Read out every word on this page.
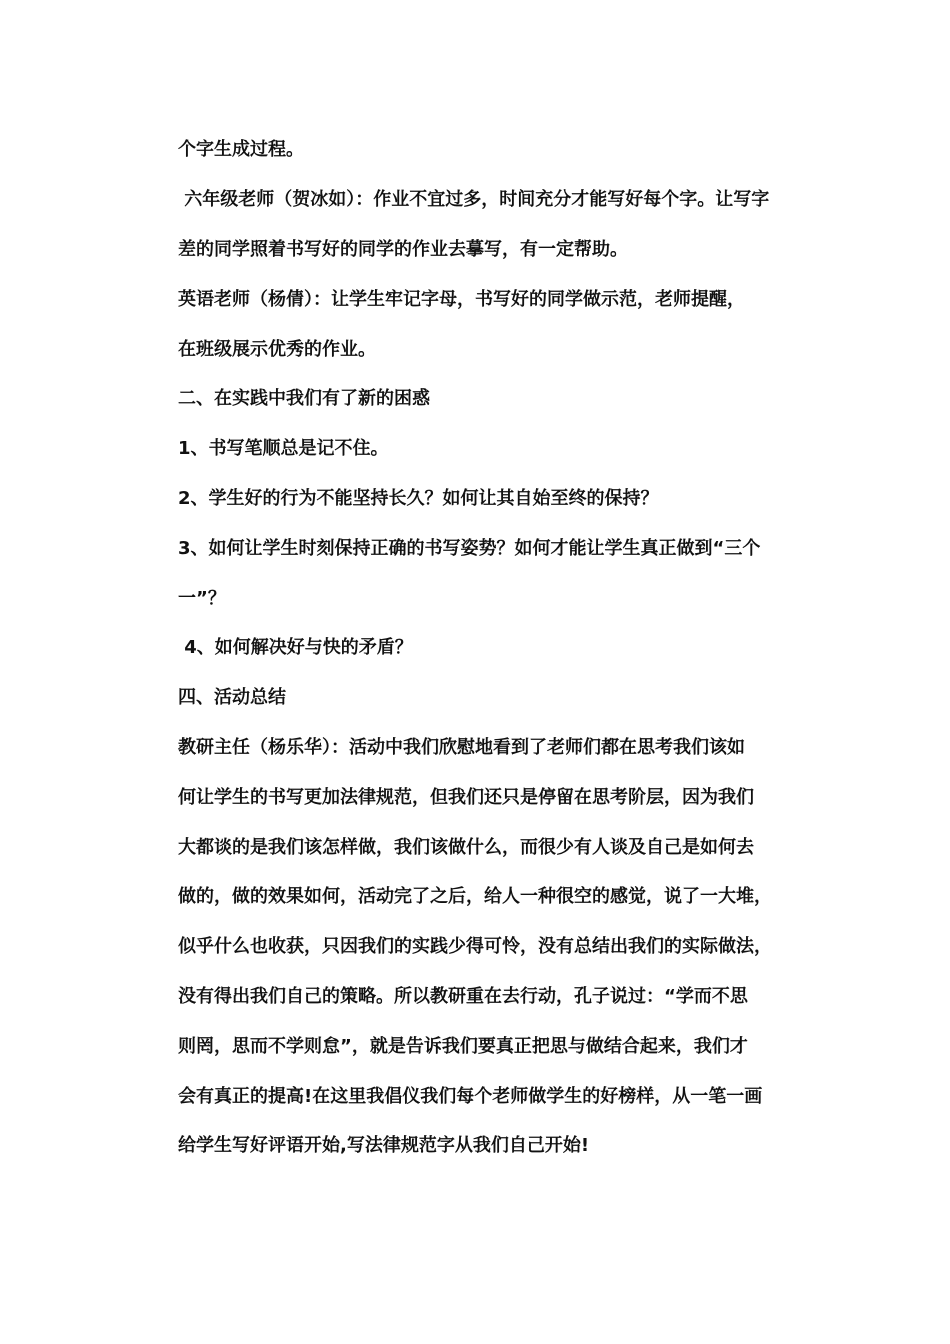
个字生成过程。
六年级老师（贺冰如）：作业不宜过多，时间充分才能写好每个字。让写字
差的同学照着书写好的同学的作业去摹写，有一定帮助。
英语老师（杨倩）：让学生牢记字母，书写好的同学做示范，老师提醒，
在班级展示优秀的作业。
二、在实践中我们有了新的困惑
1、书写笔顺总是记不住。
2、学生好的行为不能坚持长久？如何让其自始至终的保持？
3、如何让学生时刻保持正确的书写姿势？如何才能让学生真正做到“三个
一”？
4、如何解决好与快的矛盾？
四、活动总结
教研主任（杨乐华）：活动中我们欣慰地看到了老师们都在思考我们该如
何让学生的书写更加法律规范，但我们还只是停留在思考阶层，因为我们
大都谈的是我们该怎样做，我们该做什么，而很少有人谈及自己是如何去
做的，做的效果如何，活动完了之后，给人一种很空的感觉，说了一大堆，
似乎什么也收获，只因我们的实践少得可怜，没有总结出我们的实际做法，
没有得出我们自己的策略。所以教研重在去行动，孔子说过：“学而不思
则罔，思而不学则怠”，就是告诉我们要真正把思与做结合起来，我们才
会有真正的提高!在这里我倡仪我们每个老师做学生的好榜样，从一笔一画
给学生写好评语开始,写法律规范字从我们自己开始!
